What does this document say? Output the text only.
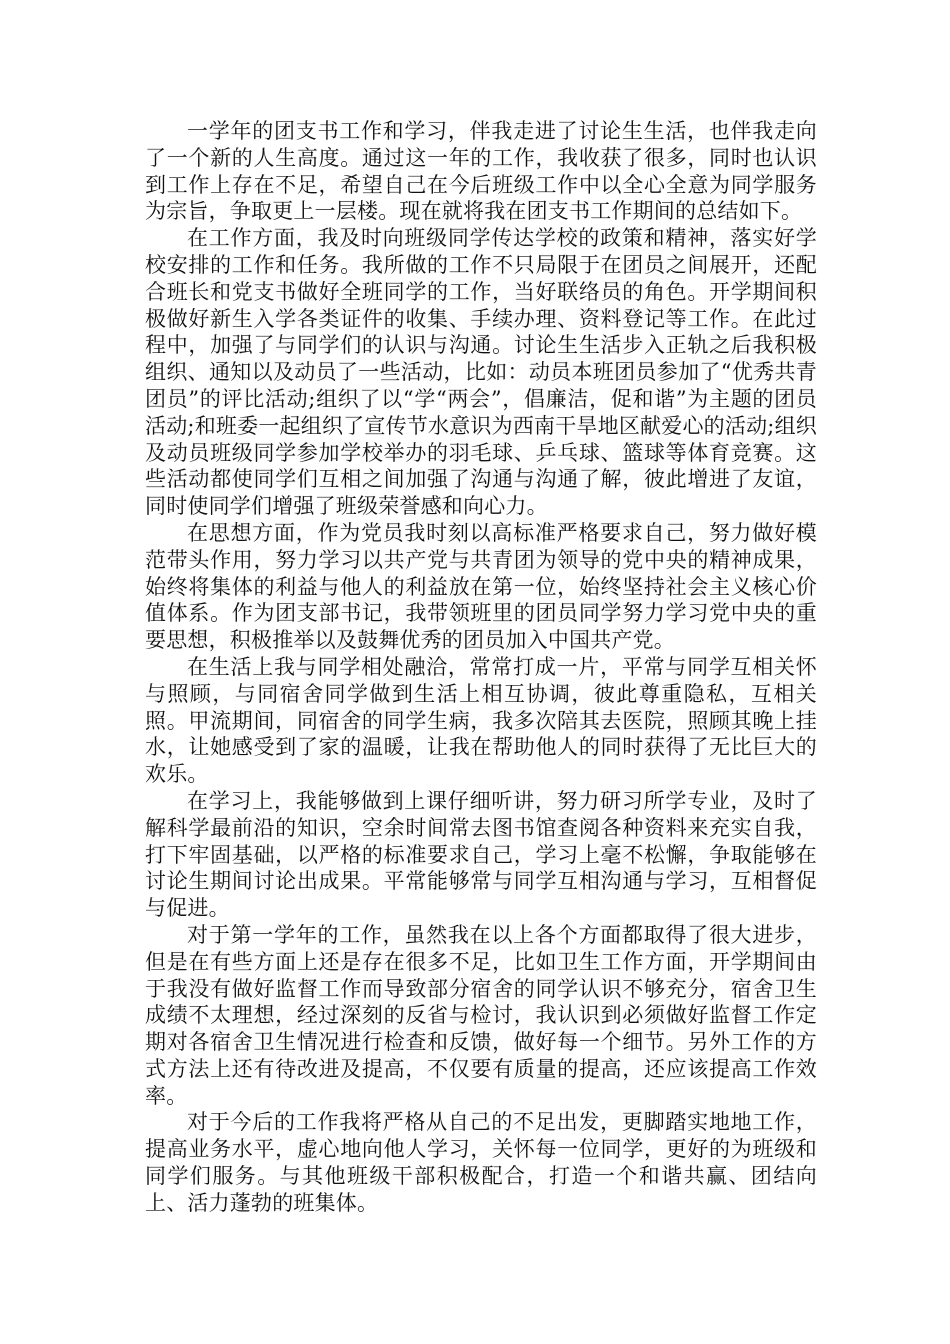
一学年的团支书工作和学习，伴我走进了讨论生生活，也伴我走向了一个新的人生高度。通过这一年的工作，我收获了很多，同时也认识到工作上存在不足，希望自己在今后班级工作中以全心全意为同学服务为宗旨，争取更上一层楼。现在就将我在团支书工作期间的总结如下。

在工作方面，我及时向班级同学传达学校的政策和精神，落实好学校安排的工作和任务。我所做的工作不只局限于在团员之间展开，还配合班长和党支书做好全班同学的工作，当好联络员的角色。开学期间积极做好新生入学各类证件的收集、手续办理、资料登记等工作。在此过程中，加强了与同学们的认识与沟通。讨论生生活步入正轨之后我积极组织、通知以及动员了一些活动，比如：动员本班团员参加了“优秀共青团员”的评比活动;组织了以“学“两会”，倡廉洁，促和谐”为主题的团员活动;和班委一起组织了宣传节水意识为西南干旱地区献爱心的活动;组织及动员班级同学参加学校举办的羽毛球、乒乓球、篮球等体育竞赛。这些活动都使同学们互相之间加强了沟通与沟通了解，彼此增进了友谊，同时使同学们增强了班级荣誉感和向心力。

在思想方面，作为党员我时刻以高标准严格要求自己，努力做好模范带头作用，努力学习以共产党与共青团为领导的党中央的精神成果，始终将集体的利益与他人的利益放在第一位，始终坚持社会主义核心价值体系。作为团支部书记，我带领班里的团员同学努力学习党中央的重要思想，积极推举以及鼓舞优秀的团员加入中国共产党。

在生活上我与同学相处融洽，常常打成一片，平常与同学互相关怀与照顾，与同宿舍同学做到生活上相互协调，彼此尊重隐私，互相关照。甲流期间，同宿舍的同学生病，我多次陪其去医院，照顾其晚上挂水，让她感受到了家的温暖，让我在帮助他人的同时获得了无比巨大的欢乐。

在学习上，我能够做到上课仔细听讲，努力研习所学专业，及时了解科学最前沿的知识，空余时间常去图书馆查阅各种资料来充实自我，打下牢固基础，以严格的标准要求自己，学习上毫不松懈，争取能够在讨论生期间讨论出成果。平常能够常与同学互相沟通与学习，互相督促与促进。

对于第一学年的工作，虽然我在以上各个方面都取得了很大进步，但是在有些方面上还是存在很多不足，比如卫生工作方面，开学期间由于我没有做好监督工作而导致部分宿舍的同学认识不够充分，宿舍卫生成绩不太理想，经过深刻的反省与检讨，我认识到必须做好监督工作定期对各宿舍卫生情况进行检查和反馈，做好每一个细节。另外工作的方式方法上还有待改进及提高，不仅要有质量的提高，还应该提高工作效率。

对于今后的工作我将严格从自己的不足出发，更脚踏实地地工作，提高业务水平，虚心地向他人学习，关怀每一位同学，更好的为班级和同学们服务。与其他班级干部积极配合，打造一个和谐共赢、团结向上、活力蓬勃的班集体。
